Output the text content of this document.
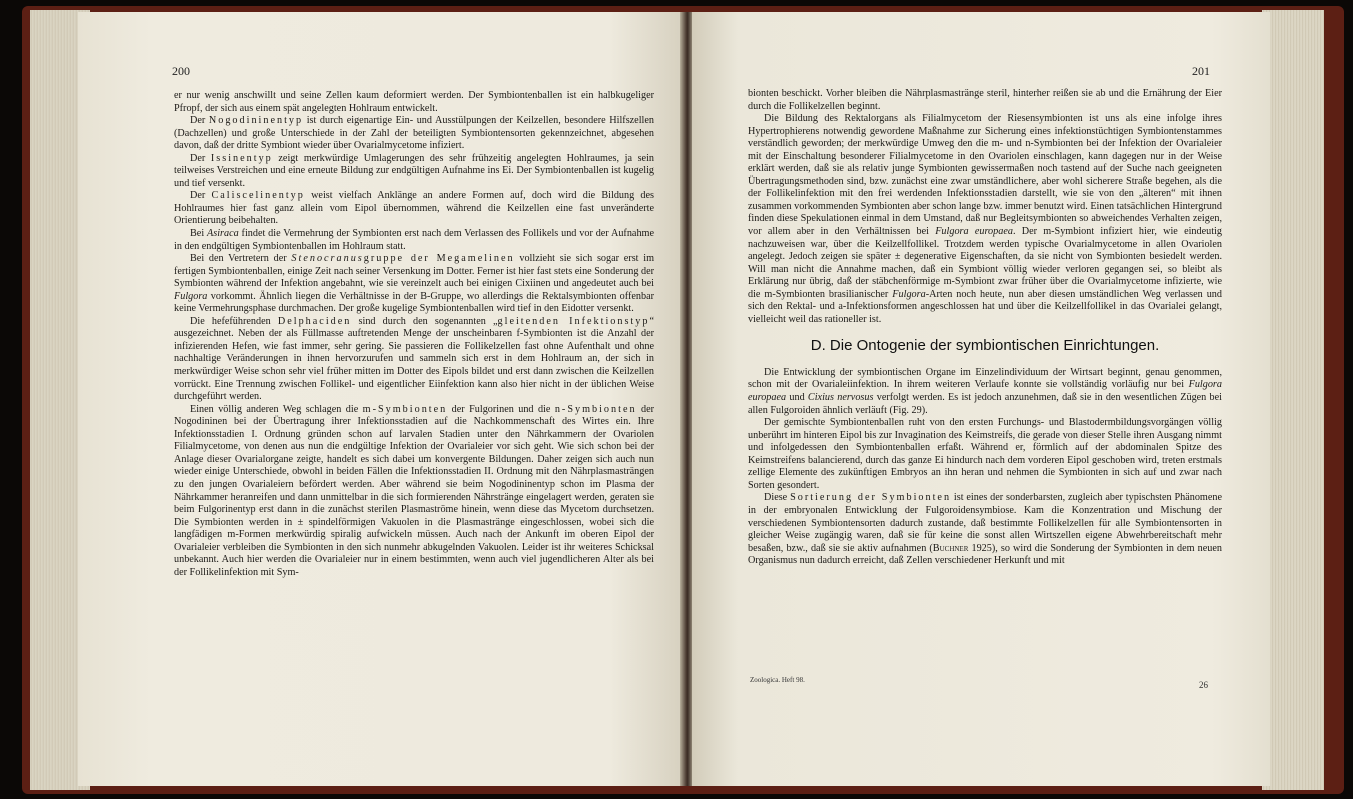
200

er nur wenig anschwillt und seine Zellen kaum deformiert werden. Der Symbiontenballen ist ein halbkugeliger Pfropf, der sich aus einem spät angelegten Hohlraum entwickelt.

Der Nogodininentyp ist durch eigenartige Ein- und Ausstülpungen der Keilzellen, besondere Hilfszellen (Dachzellen) und große Unterschiede in der Zahl der beteiligten Symbiontensorten gekennzeichnet, abgesehen davon, daß der dritte Symbiont wieder über Ovarialmycetome infiziert.

Der Issinentyp zeigt merkwürdige Umlagerungen des sehr frühzeitig angelegten Hohlraumes, ja sein teilweises Verstreichen und eine erneute Bildung zur endgültigen Aufnahme ins Ei. Der Symbiontenballen ist kugelig und tief versenkt.

Der Caliscelinentyp weist vielfach Anklänge an andere Formen auf, doch wird die Bildung des Hohlraumes hier fast ganz allein vom Eipol übernommen, während die Keilzellen eine fast unveränderte Orientierung beibehalten.

Bei Asiraca findet die Vermehrung der Symbionten erst nach dem Verlassen des Follikels und vor der Aufnahme in den endgültigen Symbiontenballen im Hohlraum statt.

Bei den Vertretern der Stenocranusgruppe der Megamelinen vollzieht sie sich sogar erst im fertigen Symbiontenballen, einige Zeit nach seiner Versenkung im Dotter. Ferner ist hier fast stets eine Sonderung der Symbionten während der Infektion angebahnt, wie sie vereinzelt auch bei einigen Cixiinen und angedeutet auch bei Fulgora vorkommt. Ähnlich liegen die Verhältnisse in der B-Gruppe, wo allerdings die Rektalsymbionten offenbar keine Vermehrungsphase durchmachen. Der große kugelige Symbiontenballen wird tief in den Eidotter versenkt.

Die hefeführenden Delphaciden sind durch den sogenannten „gleitenden Infektionstyp“ ausgezeichnet. Neben der als Füllmasse auftretenden Menge der unscheinbaren f-Symbionten ist die Anzahl der infizierenden Hefen, wie fast immer, sehr gering. Sie passieren die Follikelzellen fast ohne Aufenthalt und ohne nachhaltige Veränderungen in ihnen hervorzurufen und sammeln sich erst in dem Hohlraum an, der sich in merkwürdiger Weise schon sehr viel früher mitten im Dotter des Eipols bildet und erst dann zwischen die Keilzellen vorrückt. Eine Trennung zwischen Follikel- und eigentlicher Eiinfektion kann also hier nicht in der üblichen Weise durchgeführt werden.

Einen völlig anderen Weg schlagen die m-Symbionten der Fulgorinen und die n-Symbionten der Nogodininen bei der Übertragung ihrer Infektionsstadien auf die Nachkommenschaft des Wirtes ein. Ihre Infektionsstadien I. Ordnung gründen schon auf larvalen Stadien unter den Nährkammern der Ovariolen Filialmycetome, von denen aus nun die endgültige Infektion der Ovarialeier vor sich geht. Wie sich schon bei der Anlage dieser Ovarialorgane zeigte, handelt es sich dabei um konvergente Bildungen. Daher zeigen sich auch nun wieder einige Unterschiede, obwohl in beiden Fällen die Infektionsstadien II. Ordnung mit den Nährplasmasträngen zu den jungen Ovarialeiern befördert werden. Aber während sie beim Nogodininentyp schon im Plasma der Nährkammer heranreifen und dann unmittelbar in die sich formierenden Nährstränge eingelagert werden, geraten sie beim Fulgorinentyp erst dann in die zunächst sterilen Plasmaströme hinein, wenn diese das Mycetom durchsetzen. Die Symbionten werden in ± spindelförmigen Vakuolen in die Plasmastränge eingeschlossen, wobei sich die langfädigen m-Formen merkwürdig spiralig aufwickeln müssen. Auch nach der Ankunft im oberen Eipol der Ovarialeier verbleiben die Symbionten in den sich nunmehr abkugelnden Vakuolen. Leider ist ihr weiteres Schicksal unbekannt. Auch hier werden die Ovarialeier nur in einem bestimmten, wenn auch viel jugendlicheren Alter als bei der Follikelinfektion mit Sym-

201

bionten beschickt. Vorher bleiben die Nährplasmastränge steril, hinterher reißen sie ab und die Ernährung der Eier durch die Follikelzellen beginnt.

Die Bildung des Rektalorgans als Filialmycetom der Riesensymbionten ist uns als eine infolge ihres Hypertrophierens notwendig gewordene Maßnahme zur Sicherung eines infektionstüchtigen Symbiontenstammes verständlich geworden; der merkwürdige Umweg den die m- und n-Symbionten bei der Infektion der Ovarialeier mit der Einschaltung besonderer Filialmycetome in den Ovariolen einschlagen, kann dagegen nur in der Weise erklärt werden, daß sie als relativ junge Symbionten gewissermaßen noch tastend auf der Suche nach geeigneten Übertragungsmethoden sind, bzw. zunächst eine zwar umständlichere, aber wohl sicherere Straße begehen, als die der Follikelinfektion mit den frei werdenden Infektionsstadien darstellt, wie sie von den „älteren“ mit ihnen zusammen vorkommenden Symbionten aber schon lange bzw. immer benutzt wird. Einen tatsächlichen Hintergrund finden diese Spekulationen einmal in dem Umstand, daß nur Begleitsymbionten so abweichendes Verhalten zeigen, vor allem aber in den Verhältnissen bei Fulgora europaea. Der m-Symbiont infiziert hier, wie eindeutig nachzuweisen war, über die Keilzellfollikel. Trotzdem werden typische Ovarialmycetome in allen Ovariolen angelegt. Jedoch zeigen sie später ± degenerative Eigenschaften, da sie nicht von Symbionten besiedelt werden. Will man nicht die Annahme machen, daß ein Symbiont völlig wieder verloren gegangen sei, so bleibt als Erklärung nur übrig, daß der stäbchenförmige m-Symbiont zwar früher über die Ovarialmycetome infizierte, wie die m-Symbionten brasilianischer Fulgora-Arten noch heute, nun aber diesen umständlichen Weg verlassen und sich den Rektal- und a-Infektionsformen angeschlossen hat und über die Keilzellfollikel in das Ovarialei gelangt, vielleicht weil das rationeller ist.

D. Die Ontogenie der symbiontischen Einrichtungen.

Die Entwicklung der symbiontischen Organe im Einzelindividuum der Wirtsart beginnt, genau genommen, schon mit der Ovarialeiinfektion. In ihrem weiteren Verlaufe konnte sie vollständig vorläufig nur bei Fulgora europaea und Cixius nervosus verfolgt werden. Es ist jedoch anzunehmen, daß sie in den wesentlichen Zügen bei allen Fulgoroiden ähnlich verläuft (Fig. 29).

Der gemischte Symbiontenballen ruht von den ersten Furchungs- und Blastodermbildungsvorgängen völlig unberührt im hinteren Eipol bis zur Invagination des Keimstreifs, die gerade von dieser Stelle ihren Ausgang nimmt und infolgedessen den Symbiontenballen erfaßt. Während er, förmlich auf der abdominalen Spitze des Keimstreifens balancierend, durch das ganze Ei hindurch nach dem vorderen Eipol geschoben wird, treten erstmals zellige Elemente des zukünftigen Embryos an ihn heran und nehmen die Symbionten in sich auf und zwar nach Sorten gesondert.

Diese Sortierung der Symbionten ist eines der sonderbarsten, zugleich aber typischsten Phänomene in der embryonalen Entwicklung der Fulgoroidensymbiose. Kam die Konzentration und Mischung der verschiedenen Symbiontensorten dadurch zustande, daß bestimmte Follikelzellen für alle Symbiontensorten in gleicher Weise zugängig waren, daß sie für keine die sonst allen Wirtszellen eigene Abwehrbereitschaft mehr besaßen, bzw., daß sie sie aktiv aufnahmen (Buchner 1925), so wird die Sonderung der Symbionten in dem neuen Organismus nun dadurch erreicht, daß Zellen verschiedener Herkunft und mit

Zoologica. Heft 98.	26
